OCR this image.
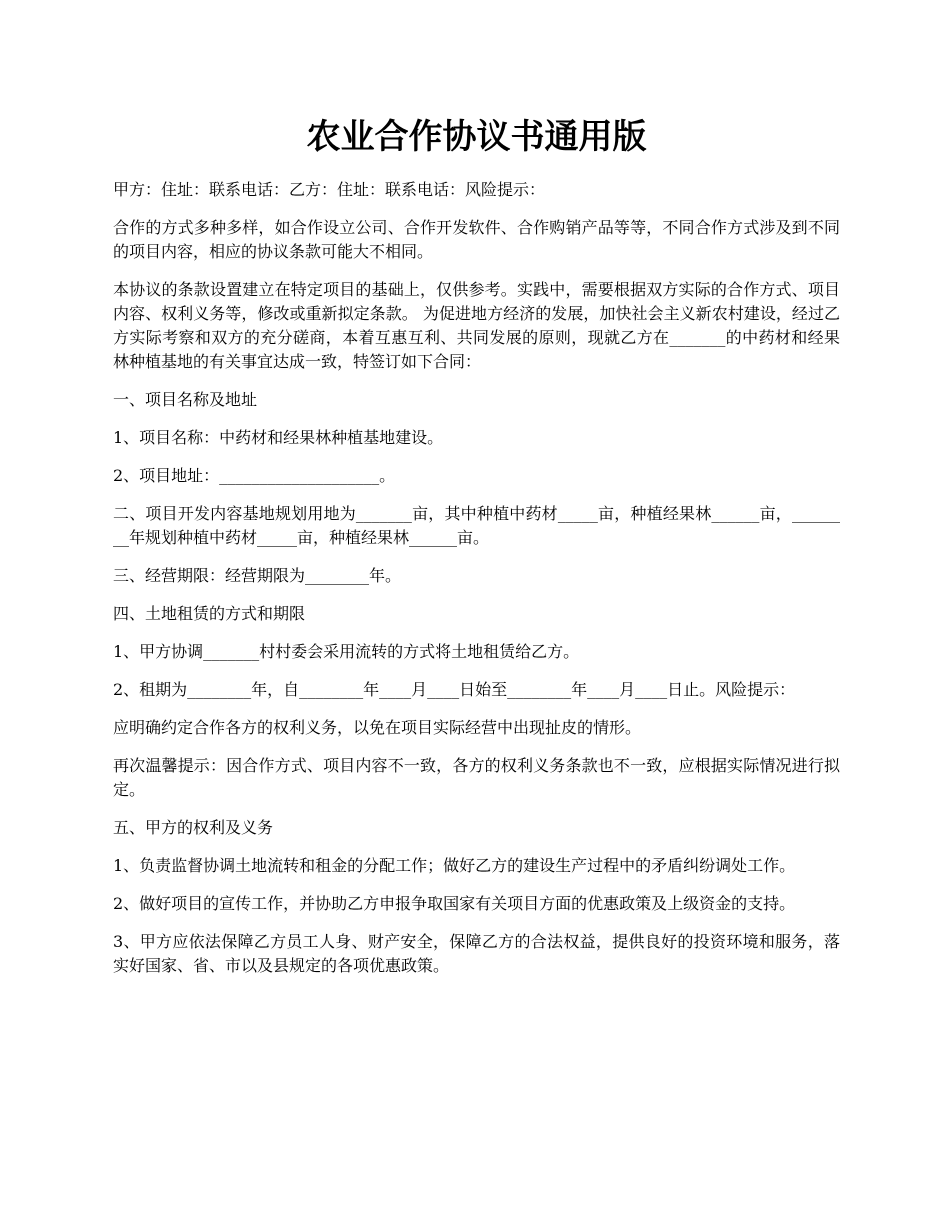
农业合作协议书通用版

甲方：住址：联系电话：乙方：住址：联系电话：风险提示：

合作的方式多种多样，如合作设立公司、合作开发软件、合作购销产品等等，不同合作方式涉及到不同的项目内容，相应的协议条款可能大不相同。

本协议的条款设置建立在特定项目的基础上，仅供参考。实践中，需要根据双方实际的合作方式、项目内容、权利义务等，修改或重新拟定条款。 为促进地方经济的发展，加快社会主义新农村建设，经过乙方实际考察和双方的充分磋商，本着互惠互利、共同发展的原则，现就乙方在_______的中药材和经果林种植基地的有关事宜达成一致，特签订如下合同：

一、项目名称及地址

1、项目名称：中药材和经果林种植基地建设。

2、项目地址：____________________。

二、项目开发内容基地规划用地为_______亩，其中种植中药材_____亩，种植经果林______亩，________年规划种植中药材_____亩，种植经果林______亩。

三、经营期限：经营期限为________年。

四、土地租赁的方式和期限

1、甲方协调_______村村委会采用流转的方式将土地租赁给乙方。

2、租期为________年，自________年____月____日始至________年____月____日止。风险提示：

应明确约定合作各方的权利义务，以免在项目实际经营中出现扯皮的情形。

再次温馨提示：因合作方式、项目内容不一致，各方的权利义务条款也不一致，应根据实际情况进行拟定。

五、甲方的权利及义务

1、负责监督协调土地流转和租金的分配工作；做好乙方的建设生产过程中的矛盾纠纷调处工作。

2、做好项目的宣传工作，并协助乙方申报争取国家有关项目方面的优惠政策及上级资金的支持。

3、甲方应依法保障乙方员工人身、财产安全，保障乙方的合法权益，提供良好的投资环境和服务，落实好国家、省、市以及县规定的各项优惠政策。
